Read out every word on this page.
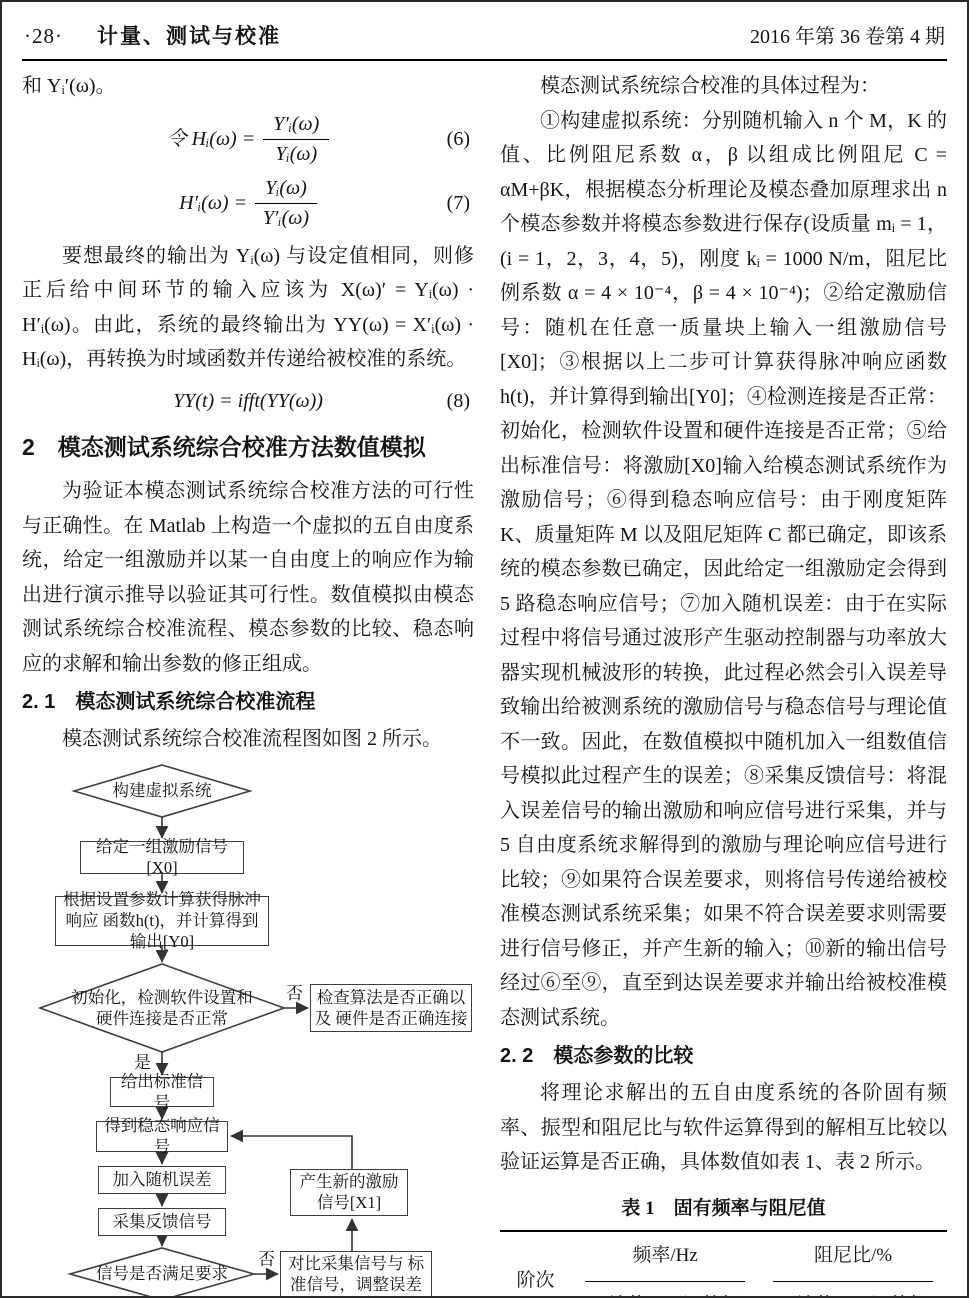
·28· 计量、测试与校准	2016 年第 36 卷第 4 期

和 Yᵢ′(ω)。

令 Hᵢ(ω) = $\frac{\text{Y′ᵢ(ω)}}{\text{Yᵢ(ω)}}$	(6)
H′ᵢ(ω) = $\frac{\text{Yᵢ(ω)}}{\text{Y′ᵢ(ω)}}$	(7)

要想最终的输出为 Yᵢ(ω) 与设定值相同，则修正后给中间环节的输入应该为 X(ω)′ = Yᵢ(ω) · H′ᵢ(ω)。由此，系统的最终输出为 YY(ω) = X′ᵢ(ω) · Hᵢ(ω)，再转换为时域函数并传递给被校准的系统。

YY(t) = ifft(YY(ω))	(8)
2　模态测试系统综合校准方法数值模拟

为验证本模态测试系统综合校准方法的可行性与正确性。在 Matlab 上构造一个虚拟的五自由度系统，给定一组激励并以某一自由度上的响应作为输出进行演示推导以验证其可行性。数值模拟由模态测试系统综合校准流程、模态参数的比较、稳态响应的求解和输出参数的修正组成。

2. 1　模态测试系统综合校准流程

模态测试系统综合校准流程图如图 2 所示。

构建虚拟系统
给定一组激励信号[X0]
根据设置参数计算获得脉冲响应 函数h(t)，并计算得到输出[Y0]
初始化，检测软件设置和 硬件连接是否正常
检查算法是否正确以及 硬件是否正确连接
给出标准信号
得到稳态响应信号
加入随机误差
采集反馈信号
信号是否满足要求
对比采集信号与 标准信号，调整误差
产生新的激励 信号[X1]
否
是
否

模态测试系统综合校准的具体过程为：

①构建虚拟系统：分别随机输入 n 个 M，K 的值、比例阻尼系数 α，β 以组成比例阻尼 C = αM+βK，根据模态分析理论及模态叠加原理求出 n 个模态参数并将模态参数进行保存(设质量 mᵢ = 1，(i = 1，2，3，4，5)，刚度 kᵢ = 1000 N/m，阻尼比例系数 α = 4 × 10⁻⁴，β = 4 × 10⁻⁴)；②给定激励信号：随机在任意一质量块上输入一组激励信号[X0]；③根据以上二步可计算获得脉冲响应函数 h(t)，并计算得到输出[Y0]；④检测连接是否正常：初始化，检测软件设置和硬件连接是否正常；⑤给出标准信号：将激励[X0]输入给模态测试系统作为激励信号；⑥得到稳态响应信号：由于刚度矩阵 K、质量矩阵 M 以及阻尼矩阵 C 都已确定，即该系统的模态参数已确定，因此给定一组激励定会得到 5 路稳态响应信号；⑦加入随机误差：由于在实际过程中将信号通过波形产生驱动控制器与功率放大器实现机械波形的转换，此过程必然会引入误差导致输出给被测系统的激励信号与稳态信号与理论值不一致。因此，在数值模拟中随机加入一组数值信号模拟此过程产生的误差；⑧采集反馈信号：将混入误差信号的输出激励和响应信号进行采集，并与 5 自由度系统求解得到的激励与理论响应信号进行比较；⑨如果符合误差要求，则将信号传递给被校准模态测试系统采集；如果不符合误差要求则需要进行信号修正，并产生新的输入；⑩新的输出信号经过⑥至⑨，直至到达误差要求并输出给被校准模态测试系统。

2. 2　模态参数的比较

将理论求解出的五自由度系统的各阶固有频率、振型和阻尼比与软件运算得到的解相互比较以验证运算是否正确，具体数值如表 1、表 2 所示。

表 1　固有频率与阻尼值

阶次	频率/Hz		阻尼比/%	
